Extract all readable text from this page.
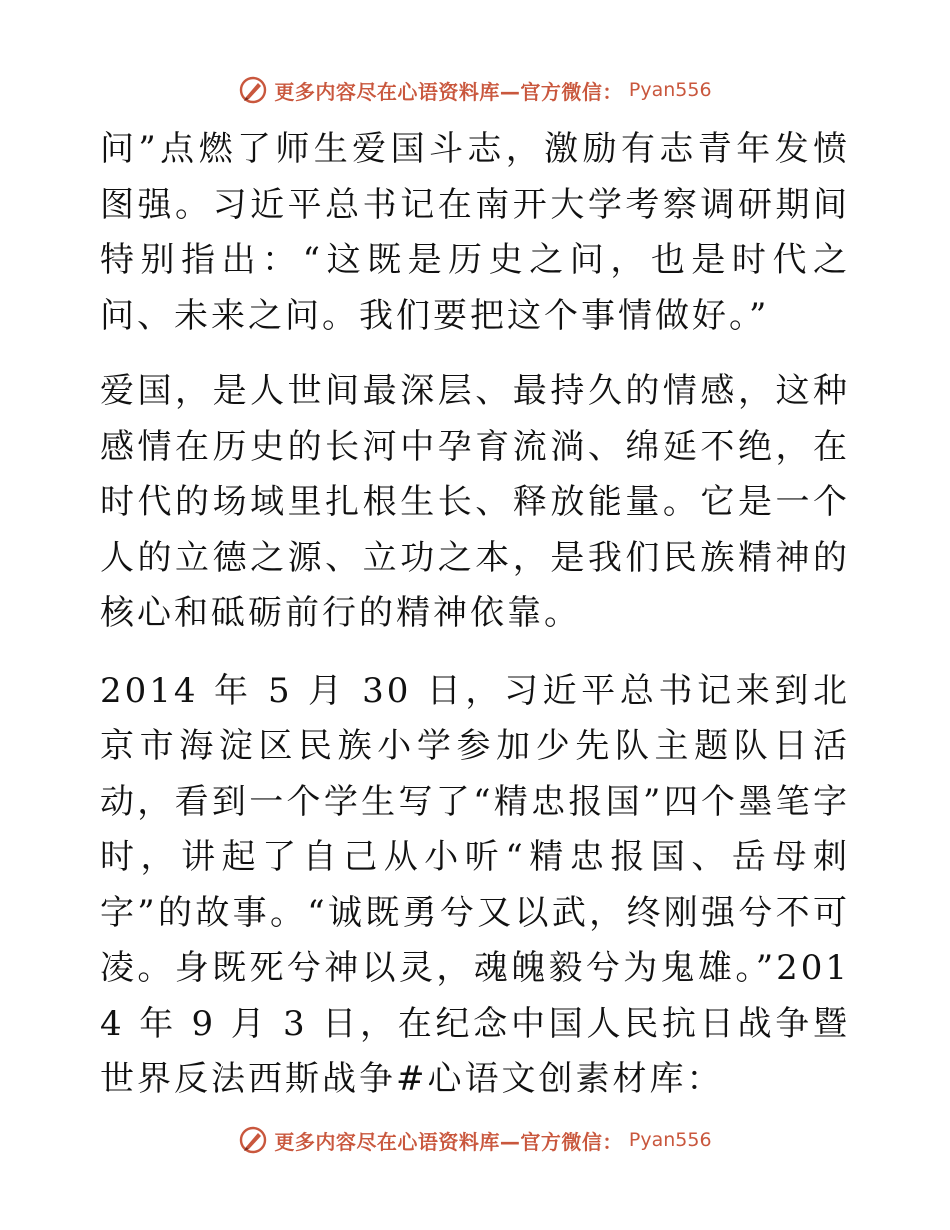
更多内容尽在心语资料库—官方微信： Pyan556

问”点燃了师生爱国斗志，激励有志青年发愤图强。习近平总书记在南开大学考察调研期间特别指出：“这既是历史之问，也是时代之问、未来之问。我们要把这个事情做好。”

爱国，是人世间最深层、最持久的情感，这种感情在历史的长河中孕育流淌、绵延不绝，在时代的场域里扎根生长、释放能量。它是一个人的立德之源、立功之本，是我们民族精神的核心和砥砺前行的精神依靠。

2014 年 5 月 30 日，习近平总书记来到北京市海淀区民族小学参加少先队主题队日活动，看到一个学生写了“精忠报国”四个墨笔字时，讲起了自己从小听“精忠报国、岳母刺字”的故事。“诚既勇兮又以武，终刚强兮不可凌。身既死兮神以灵，魂魄毅兮为鬼雄。”2014 年 9 月 3 日，在纪念中国人民抗日战争暨世界反法西斯战争#心语文创素材库：

更多内容尽在心语资料库—官方微信： Pyan556
